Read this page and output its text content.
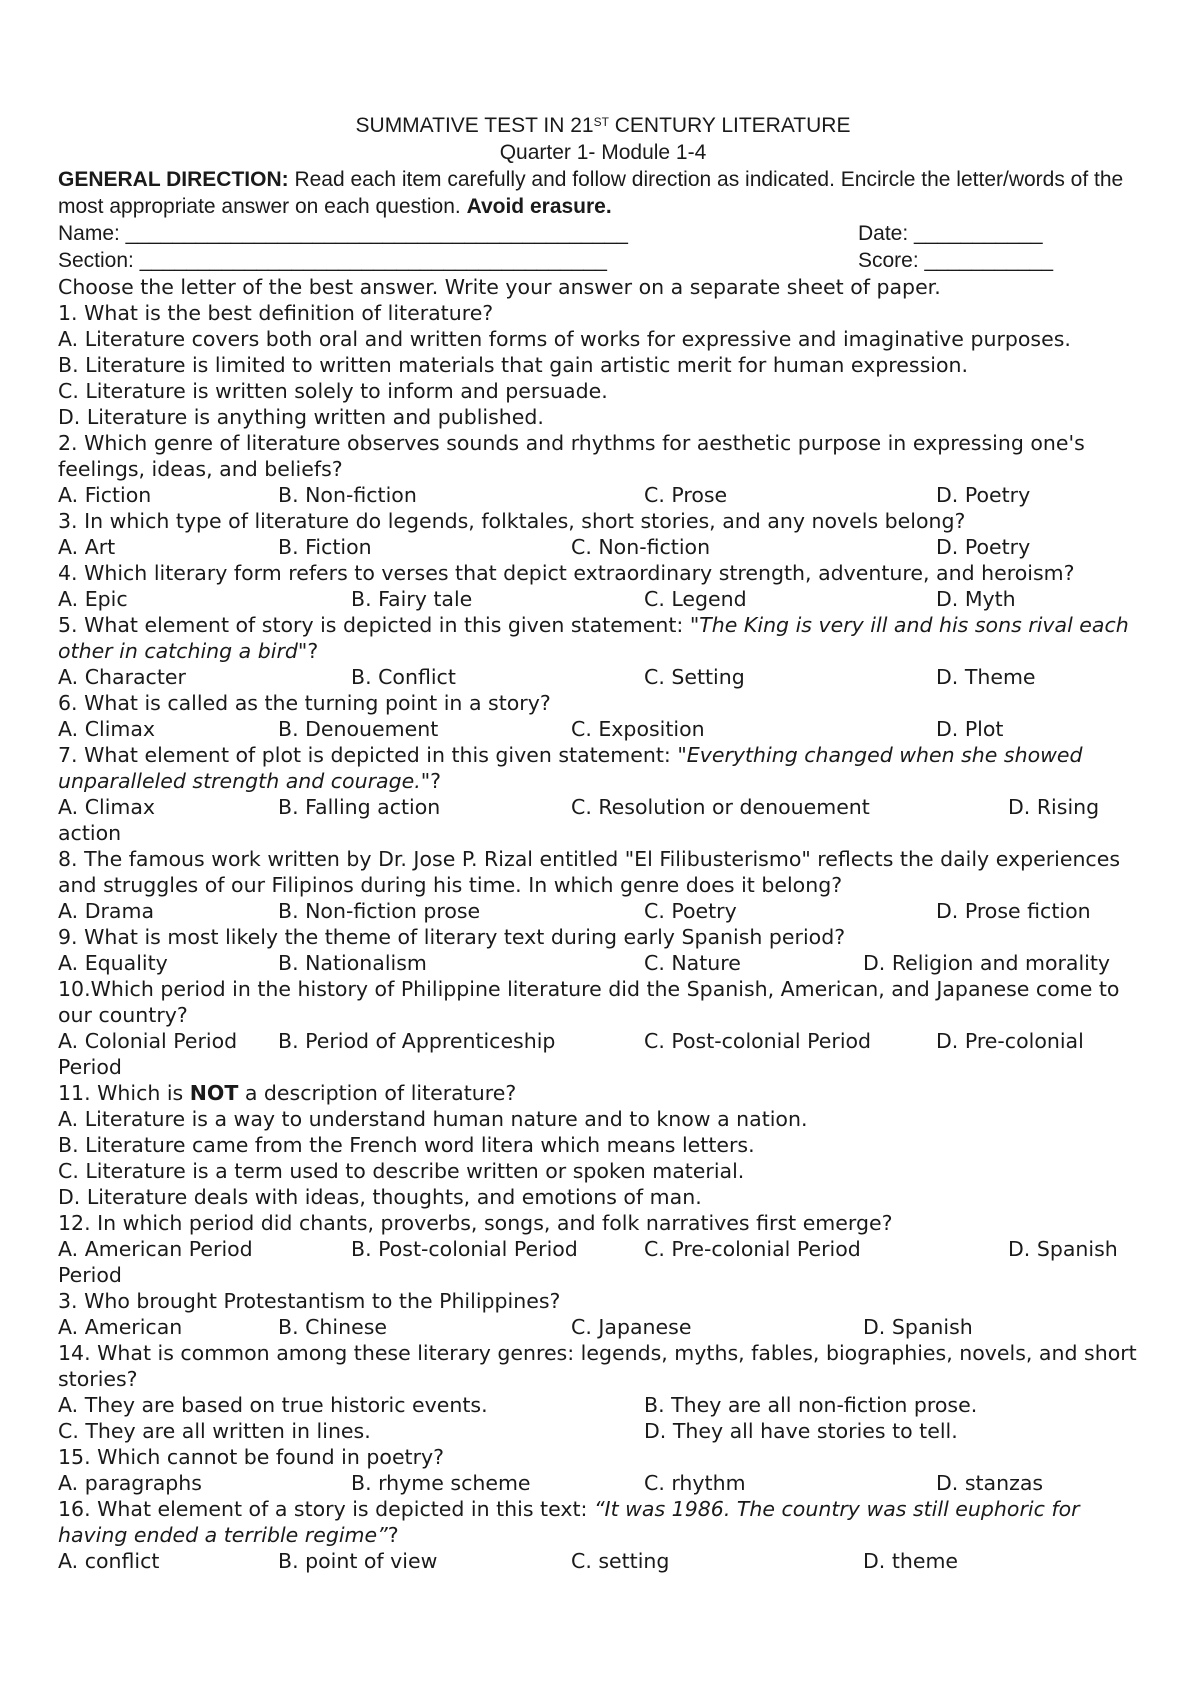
SUMMATIVE TEST IN 21ST CENTURY LITERATURE
Quarter 1- Module 1-4
GENERAL DIRECTION: Read each item carefully and follow direction as indicated. Encircle the letter/words of the most appropriate answer on each question. Avoid erasure.
Name: ___________________________________________	Date: ___________
Section: ________________________________________	Score: ___________
Choose the letter of the best answer. Write your answer on a separate sheet of paper.
1. What is the best definition of literature?
A. Literature covers both oral and written forms of works for expressive and imaginative purposes.
B. Literature is limited to written materials that gain artistic merit for human expression.
C. Literature is written solely to inform and persuade.
D. Literature is anything written and published.
2. Which genre of literature observes sounds and rhythms for aesthetic purpose in expressing one's feelings, ideas, and beliefs?
A. Fiction	B. Non-fiction	C. Prose	D. Poetry
3. In which type of literature do legends, folktales, short stories, and any novels belong?
A. Art	B. Fiction	C. Non-fiction	D. Poetry
4. Which literary form refers to verses that depict extraordinary strength, adventure, and heroism?
A. Epic	B. Fairy tale	C. Legend	D. Myth
5. What element of story is depicted in this given statement: "The King is very ill and his sons rival each other in catching a bird"?
A. Character	B. Conflict	C. Setting	D. Theme
6. What is called as the turning point in a story?
A. Climax	B. Denouement	C. Exposition	D. Plot
7. What element of plot is depicted in this given statement: "Everything changed when she showed unparalleled strength and courage."?
A. Climax	B. Falling action	C. Resolution or denouement	D. Rising
action
8. The famous work written by Dr. Jose P. Rizal entitled "El Filibusterismo" reflects the daily experiences and struggles of our Filipinos during his time. In which genre does it belong?
A. Drama	B. Non-fiction prose	C. Poetry	D. Prose fiction
9. What is most likely the theme of literary text during early Spanish period?
A. Equality	B. Nationalism	C. Nature	D. Religion and morality
10.Which period in the history of Philippine literature did the Spanish, American, and Japanese come to our country?
A. Colonial Period B. Period of Apprenticeship	C. Post-colonial Period	D. Pre-colonial
Period
11. Which is NOT a description of literature?
A. Literature is a way to understand human nature and to know a nation.
B. Literature came from the French word litera which means letters.
C. Literature is a term used to describe written or spoken material.
D. Literature deals with ideas, thoughts, and emotions of man.
12. In which period did chants, proverbs, songs, and folk narratives first emerge?
A. American Period	B. Post-colonial Period	C. Pre-colonial Period	D. Spanish
Period
3. Who brought Protestantism to the Philippines?
A. American	B. Chinese	C. Japanese	D. Spanish
14. What is common among these literary genres: legends, myths, fables, biographies, novels, and short stories?
A. They are based on true historic events.	B. They are all non-fiction prose.
C. They are all written in lines.	D. They all have stories to tell.
15. Which cannot be found in poetry?
A. paragraphs	B. rhyme scheme	C. rhythm	D. stanzas
16. What element of a story is depicted in this text: “It was 1986. The country was still euphoric for having ended a terrible regime”?
A. conflict	B. point of view	C. setting	D. theme
